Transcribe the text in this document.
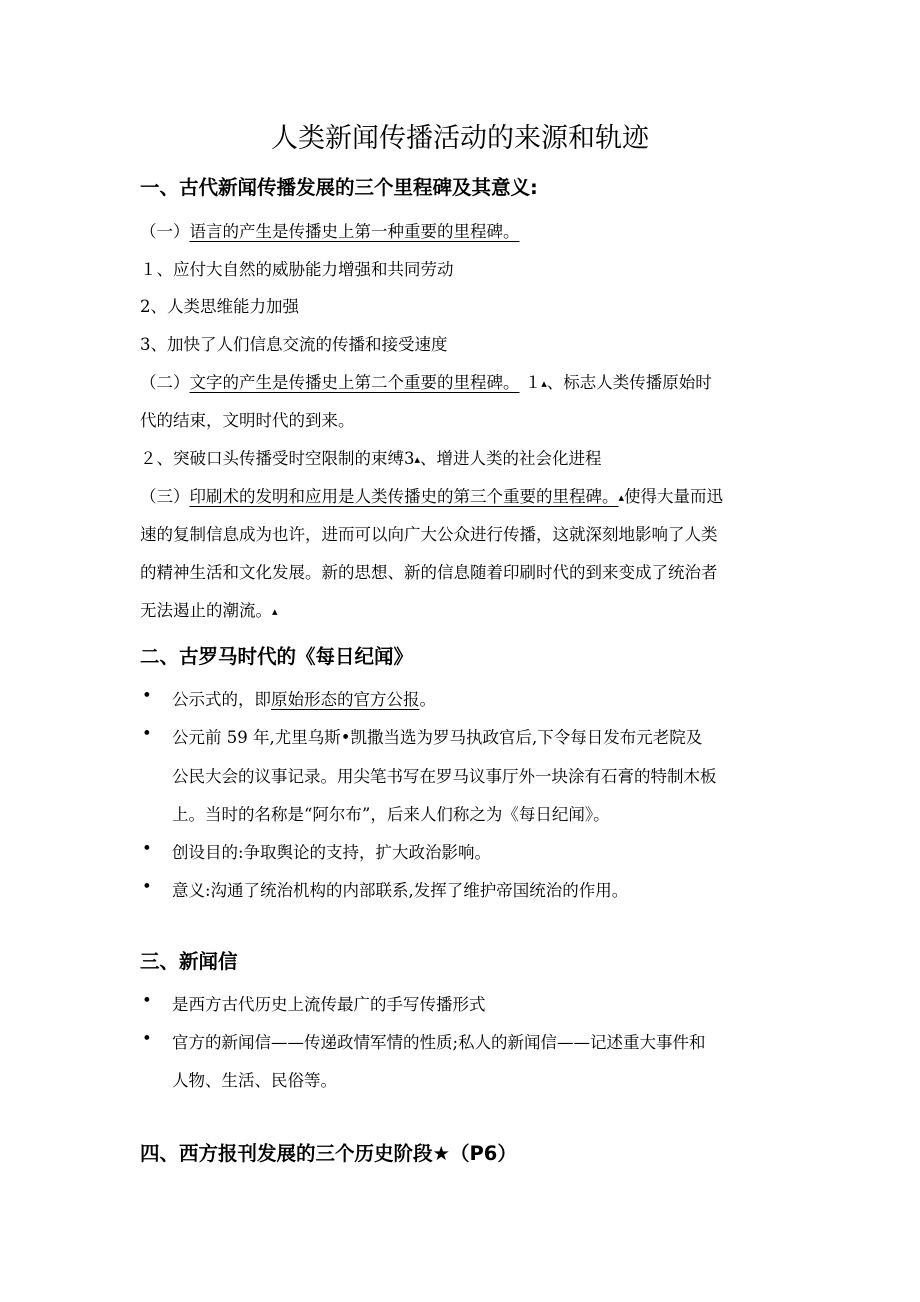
人类新闻传播活动的来源和轨迹
一、古代新闻传播发展的三个里程碑及其意义:
（一）语言的产生是传播史上第一种重要的里程碑。
１、应付大自然的威胁能力增强和共同劳动
2、人类思维能力加强
3、加快了人们信息交流的传播和接受速度
（二）文字的产生是传播史上第二个重要的里程碑。 １▴、标志人类传播原始时
代的结束，文明时代的到来。
２、突破口头传播受时空限制的束缚3▴、增进人类的社会化进程
（三）印刷术的发明和应用是人类传播史的第三个重要的里程碑。▴使得大量而迅
速的复制信息成为也许，进而可以向广大公众进行传播，这就深刻地影响了人类
的精神生活和文化发展。新的思想、新的信息随着印刷时代的到来变成了统治者
无法遏止的潮流。▴
二、古罗马时代的《每日纪闻》
• 公示式的，即原始形态的官方公报。
• 公元前 59 年,尤里乌斯•凯撒当选为罗马执政官后,下令每日发布元老院及
公民大会的议事记录。用尖笔书写在罗马议事厅外一块涂有石膏的特制木板
上。当时的名称是“阿尔布”，后来人们称之为《每日纪闻》。
• 创设目的:争取舆论的支持，扩大政治影响。
• 意义:沟通了统治机构的内部联系,发挥了维护帝国统治的作用。
三、新闻信
• 是西方古代历史上流传最广的手写传播形式
• 官方的新闻信——传递政情军情的性质;私人的新闻信——记述重大事件和
人物、生活、民俗等。
四、西方报刊发展的三个历史阶段★（P6）
